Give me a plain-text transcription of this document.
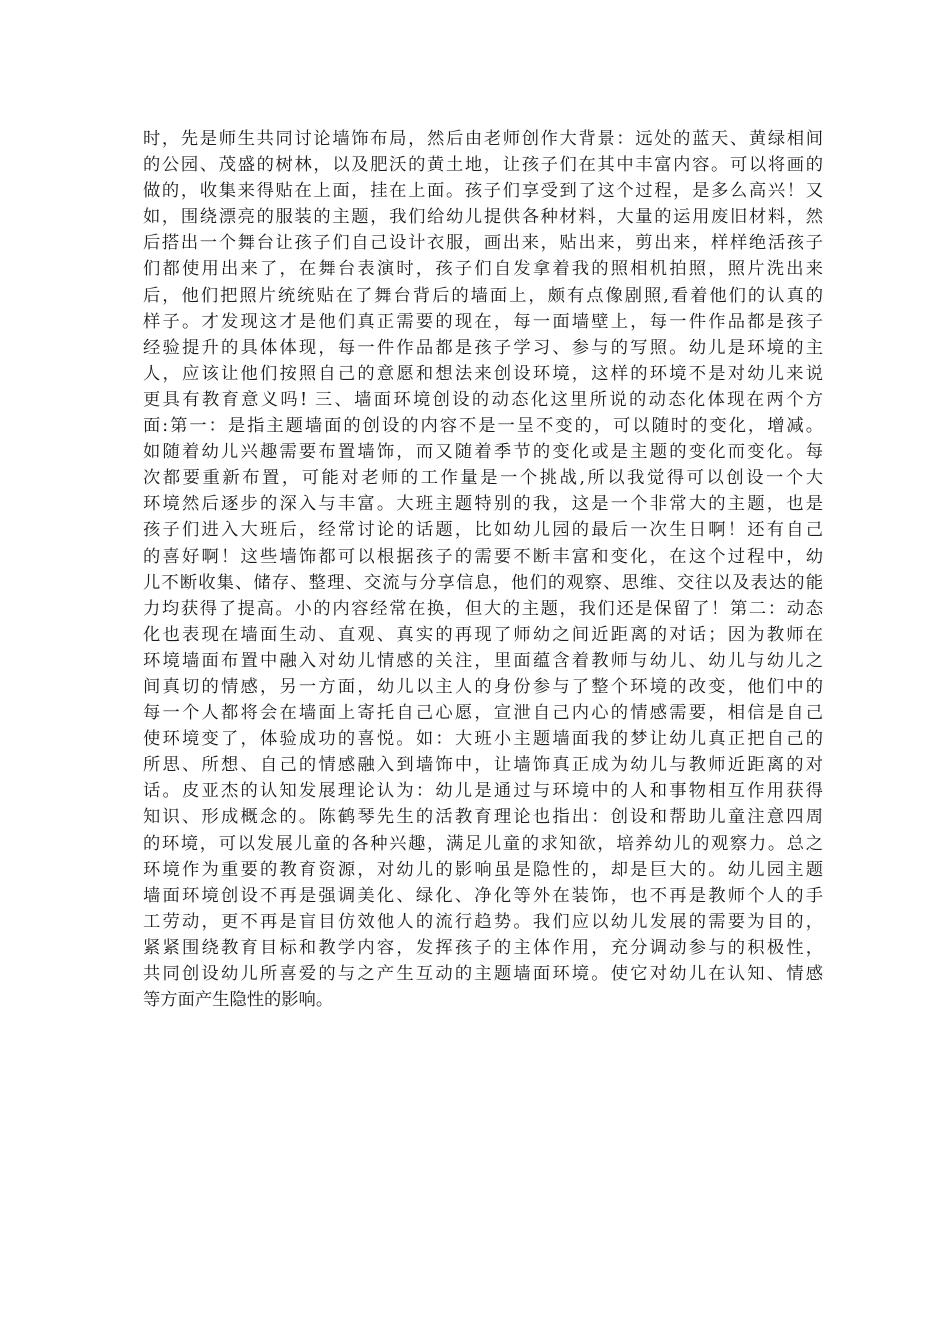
时，先是师生共同讨论墙饰布局，然后由老师创作大背景：远处的蓝天、黄绿相间
的公园、茂盛的树林，以及肥沃的黄土地，让孩子们在其中丰富内容。可以将画的
做的，收集来得贴在上面，挂在上面。孩子们享受到了这个过程，是多么高兴！又
如，围绕漂亮的服装的主题，我们给幼儿提供各种材料，大量的运用废旧材料，然
后搭出一个舞台让孩子们自己设计衣服，画出来，贴出来，剪出来，样样绝活孩子
们都使用出来了，在舞台表演时，孩子们自发拿着我的照相机拍照，照片洗出来
后，他们把照片统统贴在了舞台背后的墙面上，颇有点像剧照,看着他们的认真的
样子。才发现这才是他们真正需要的现在，每一面墙壁上，每一件作品都是孩子
经验提升的具体体现，每一件作品都是孩子学习、参与的写照。幼儿是环境的主
人，应该让他们按照自己的意愿和想法来创设环境，这样的环境不是对幼儿来说
更具有教育意义吗! 三、墙面环境创设的动态化这里所说的动态化体现在两个方
面:第一：是指主题墙面的创设的内容不是一呈不变的，可以随时的变化，增减。
如随着幼儿兴趣需要布置墙饰，而又随着季节的变化或是主题的变化而变化。每
次都要重新布置，可能对老师的工作量是一个挑战,所以我觉得可以创设一个大
环境然后逐步的深入与丰富。大班主题特别的我，这是一个非常大的主题，也是
孩子们进入大班后，经常讨论的话题，比如幼儿园的最后一次生日啊！还有自己
的喜好啊！这些墙饰都可以根据孩子的需要不断丰富和变化，在这个过程中，幼
儿不断收集、储存、整理、交流与分享信息，他们的观察、思维、交往以及表达的能
力均获得了提高。小的内容经常在换，但大的主题，我们还是保留了！第二：动态
化也表现在墙面生动、直观、真实的再现了师幼之间近距离的对话；因为教师在
环境墙面布置中融入对幼儿情感的关注，里面蕴含着教师与幼儿、幼儿与幼儿之
间真切的情感，另一方面，幼儿以主人的身份参与了整个环境的改变，他们中的
每一个人都将会在墙面上寄托自己心愿，宣泄自己内心的情感需要，相信是自己
使环境变了，体验成功的喜悦。如：大班小主题墙面我的梦让幼儿真正把自己的
所思、所想、自己的情感融入到墙饰中，让墙饰真正成为幼儿与教师近距离的对
话。皮亚杰的认知发展理论认为：幼儿是通过与环境中的人和事物相互作用获得
知识、形成概念的。陈鹤琴先生的活教育理论也指出：创设和帮助儿童注意四周
的环境，可以发展儿童的各种兴趣，满足儿童的求知欲，培养幼儿的观察力。总之
环境作为重要的教育资源，对幼儿的影响虽是隐性的，却是巨大的。幼儿园主题
墙面环境创设不再是强调美化、绿化、净化等外在装饰，也不再是教师个人的手
工劳动，更不再是盲目仿效他人的流行趋势。我们应以幼儿发展的需要为目的，
紧紧围绕教育目标和教学内容，发挥孩子的主体作用，充分调动参与的积极性，
共同创设幼儿所喜爱的与之产生互动的主题墙面环境。使它对幼儿在认知、情感
等方面产生隐性的影响。
